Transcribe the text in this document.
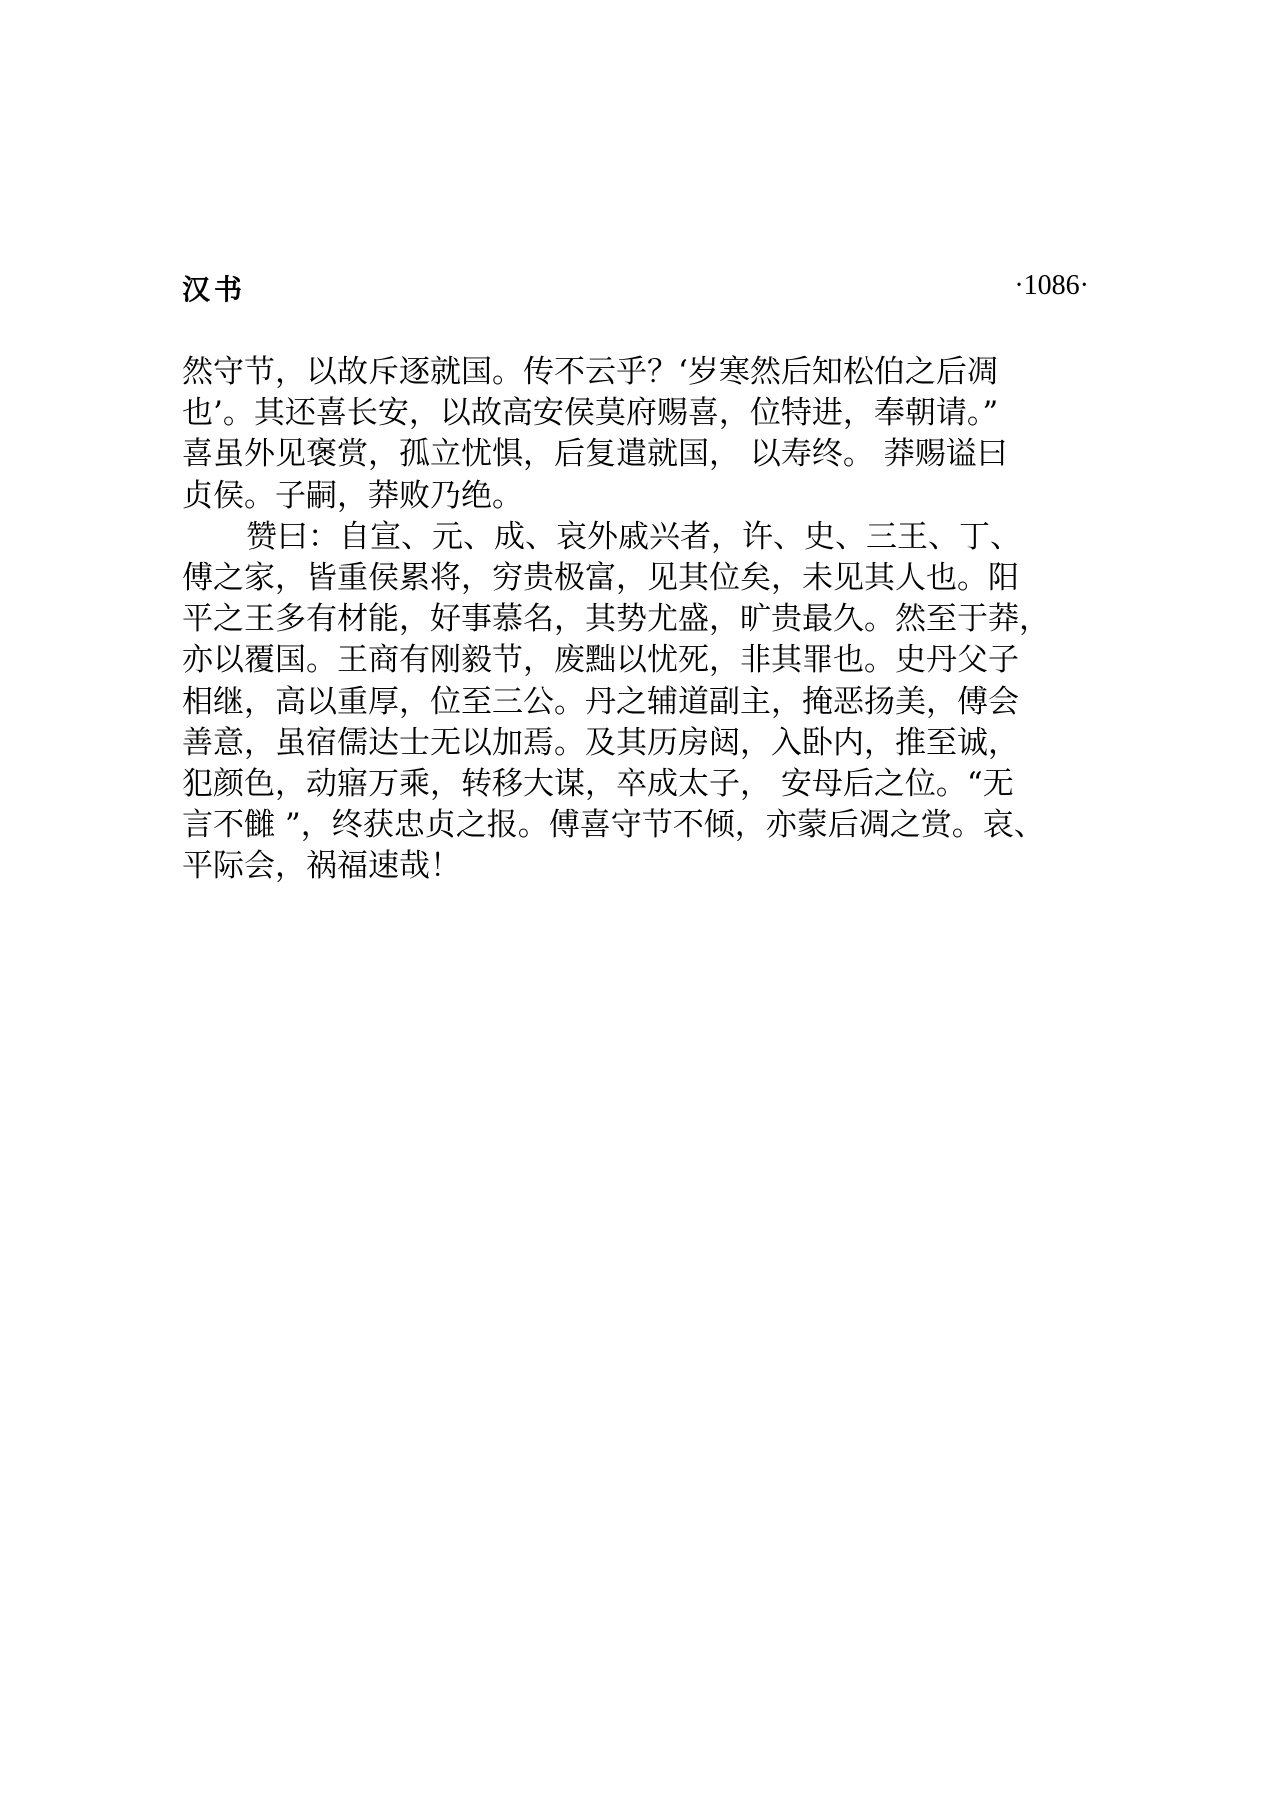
汉书	·1086·
然守节，以故斥逐就国。传不云乎？‘岁寒然后知松伯之后凋
也’。其还喜长安，以故高安侯莫府赐喜，位特进，奉朝请。”
喜虽外见褒赏，孤立忧惧，后复遣就国， 以寿终。 莽赐谥曰
贞侯。子嗣，莽败乃绝。
赞曰：自宣、元、成、哀外戚兴者，许、史、三王、丁、
傅之家，皆重侯累将，穷贵极富，见其位矣，未见其人也。阳
平之王多有材能，好事慕名，其势尤盛，旷贵最久。然至于莽，
亦以覆国。王商有刚毅节，废黜以忧死，非其罪也。史丹父子
相继，高以重厚，位至三公。丹之辅道副主，掩恶扬美，傅会
善意，虽宿儒达士无以加焉。及其历房闼，入卧内，推至诚，
犯颜色，动寤万乘，转移大谋，卒成太子， 安母后之位。“无
言不雠 ”，终获忠贞之报。傅喜守节不倾，亦蒙后凋之赏。哀、
平际会，祸福速哉！
